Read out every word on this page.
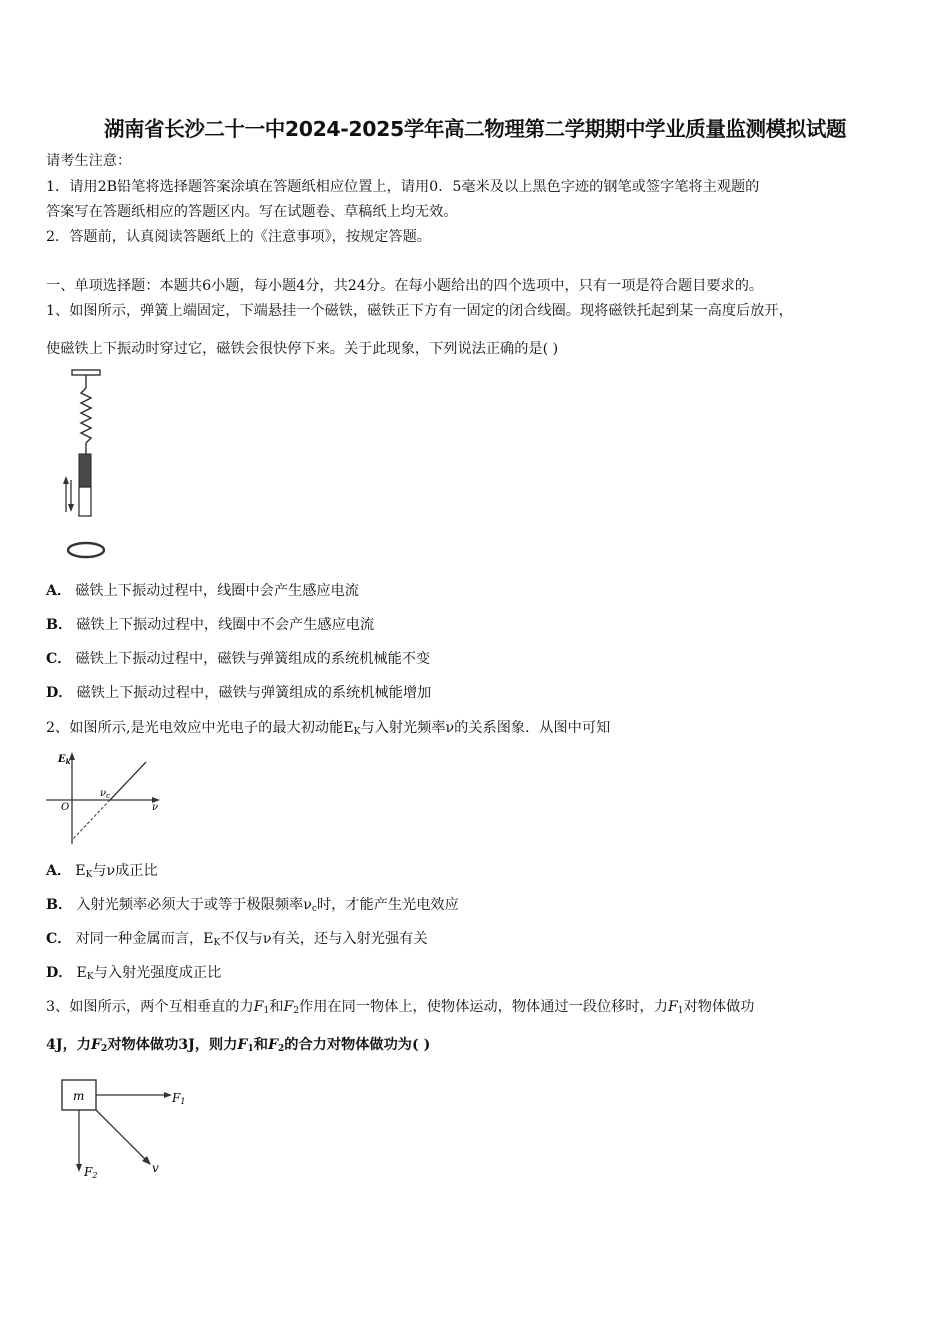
湖南省长沙二十一中2024-2025学年高二物理第二学期期中学业质量监测模拟试题
请考生注意：
1．请用2B铅笔将选择题答案涂填在答题纸相应位置上，请用0．5毫米及以上黑色字迹的钢笔或签字笔将主观题的
答案写在答题纸相应的答题区内。写在试题卷、草稿纸上均无效。
2．答题前，认真阅读答题纸上的《注意事项》，按规定答题。
一、单项选择题：本题共6小题，每小题4分，共24分。在每小题给出的四个选项中，只有一项是符合题目要求的。
1、如图所示，弹簧上端固定，下端悬挂一个磁铁，磁铁正下方有一固定的闭合线圈。现将磁铁托起到某一高度后放开，
使磁铁上下振动时穿过它，磁铁会很快停下来。关于此现象，下列说法正确的是( )
A． 磁铁上下振动过程中，线圈中会产生感应电流
B． 磁铁上下振动过程中，线圈中不会产生感应电流
C． 磁铁上下振动过程中，磁铁与弹簧组成的系统机械能不变
D． 磁铁上下振动过程中，磁铁与弹簧组成的系统机械能增加
2、如图所示,是光电效应中光电子的最大初动能$E_K$与入射光频率ν的关系图象．从图中可知
$E_k$
O	ν
$\nu_c$
A． $E_K$与ν成正比
B． 入射光频率必须大于或等于极限频率$\nu_c$时，才能产生光电效应
C． 对同一种金属而言，$E_K$不仅与ν有关，还与入射光强有关
D． $E_K$与入射光强度成正比
3、如图所示，两个互相垂直的力$F_1$和$F_2$作用在同一物体上，使物体运动，物体通过一段位移时，力$F_1$对物体做功
4J，力$F_2$对物体做功3J，则力$F_1$和$F_2$的合力对物体做功为( )
m	F1
F2
v
